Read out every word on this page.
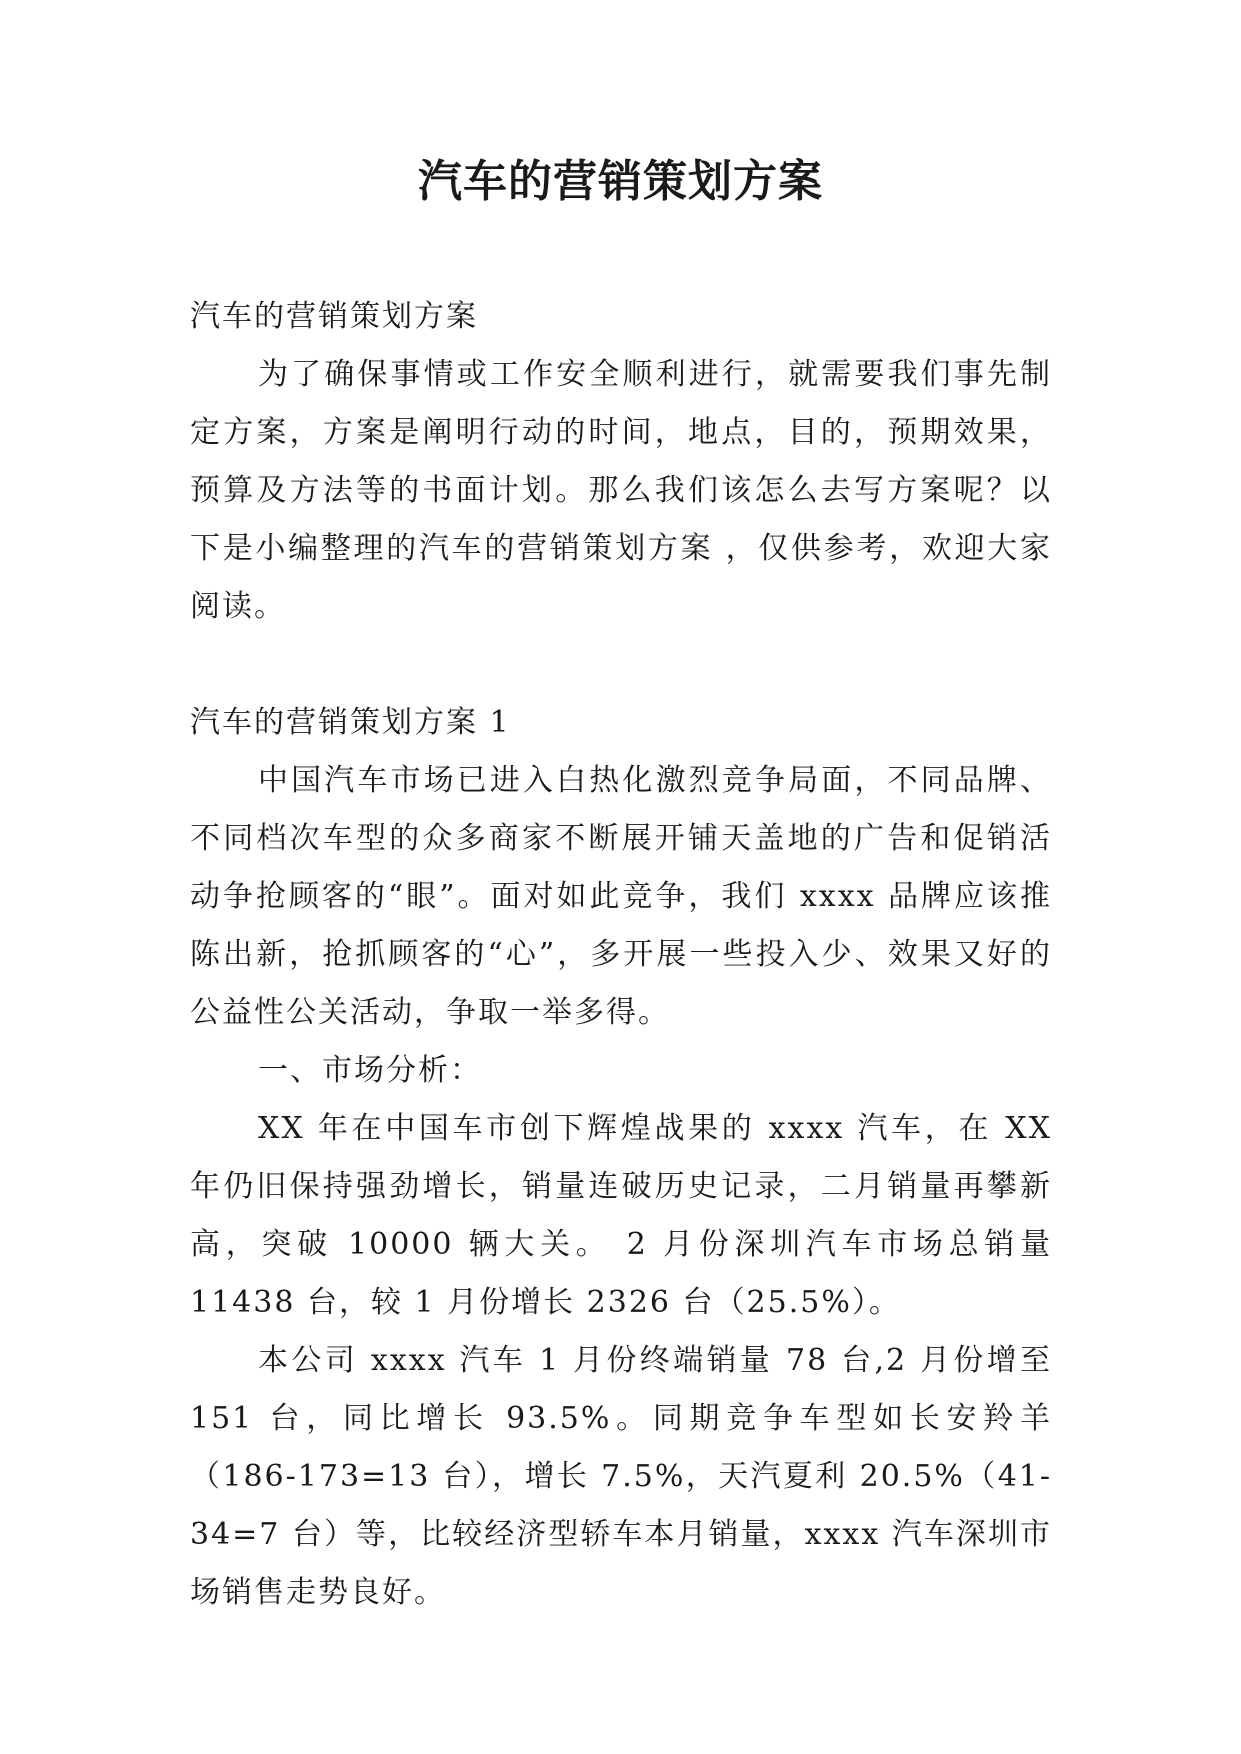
汽车的营销策划方案

汽车的营销策划方案

为了确保事情或工作安全顺利进行，就需要我们事先制定方案，方案是阐明行动的时间，地点，目的，预期效果，预算及方法等的书面计划。那么我们该怎么去写方案呢？以下是小编整理的汽车的营销策划方案 ，仅供参考，欢迎大家阅读。

汽车的营销策划方案 1

中国汽车市场已进入白热化激烈竞争局面，不同品牌、不同档次车型的众多商家不断展开铺天盖地的广告和促销活动争抢顾客的“眼”。面对如此竞争，我们 xxxx 品牌应该推陈出新，抢抓顾客的“心”，多开展一些投入少、效果又好的公益性公关活动，争取一举多得。

一、市场分析：

XX 年在中国车市创下辉煌战果的 xxxx 汽车，在 XX 年仍旧保持强劲增长，销量连破历史记录，二月销量再攀新高，突破 10000 辆大关。 2 月份深圳汽车市场总销量 11438 台，较 1 月份增长 2326 台（25.5%）。

本公司 xxxx 汽车 1 月份终端销量 78 台,2 月份增至 151 台，同比增长 93.5%。同期竞争车型如长安羚羊（186-173=13 台），增长 7.5%，天汽夏利 20.5%（41-34=7 台）等，比较经济型轿车本月销量，xxxx 汽车深圳市场销售走势良好。
